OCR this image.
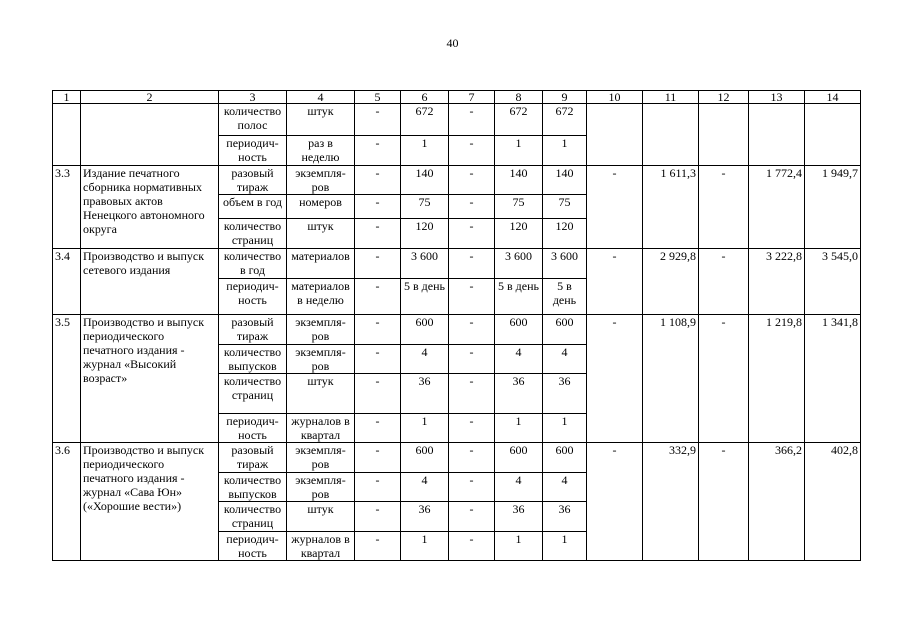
40
1	2	3	4	5	6	7	8	9	10	11	12	13	14
		количество полос	штук	-	672	-	672	672					
		периодич-ность	раз в неделю	-	1	-	1	1					
3.3	Издание печатного сборника нормативных правовых актов Ненецкого автономного округа	разовый тираж	экземпля-ров	-	140	-	140	140	-	1 611,3	-	1 772,4	1 949,7
		объем в год	номеров	-	75	-	75	75					
		количество страниц	штук	-	120	-	120	120					
3.4	Производство и выпуск сетевого издания	количество в год	материалов	-	3 600	-	3 600	3 600	-	2 929,8	-	3 222,8	3 545,0
		периодич-ность	материалов в неделю	-	5 в день	-	5 в день	5 в день					
3.5	Производство и выпуск периодического печатного издания - журнал «Высокий возраст»	разовый тираж	экземпля-ров	-	600	-	600	600	-	1 108,9	-	1 219,8	1 341,8
		количество выпусков	экземпля-ров	-	4	-	4	4					
		количество страниц	штук	-	36	-	36	36					
		периодич-ность	журналов в квартал	-	1	-	1	1					
3.6	Производство и выпуск периодического печатного издания - журнал «Сава Юн» («Хорошие вести»)	разовый тираж	экземпля-ров	-	600	-	600	600	-	332,9	-	366,2	402,8
		количество выпусков	экземпля-ров	-	4	-	4	4					
		количество страниц	штук	-	36	-	36	36					
		периодич-ность	журналов в квартал	-	1	-	1	1					
